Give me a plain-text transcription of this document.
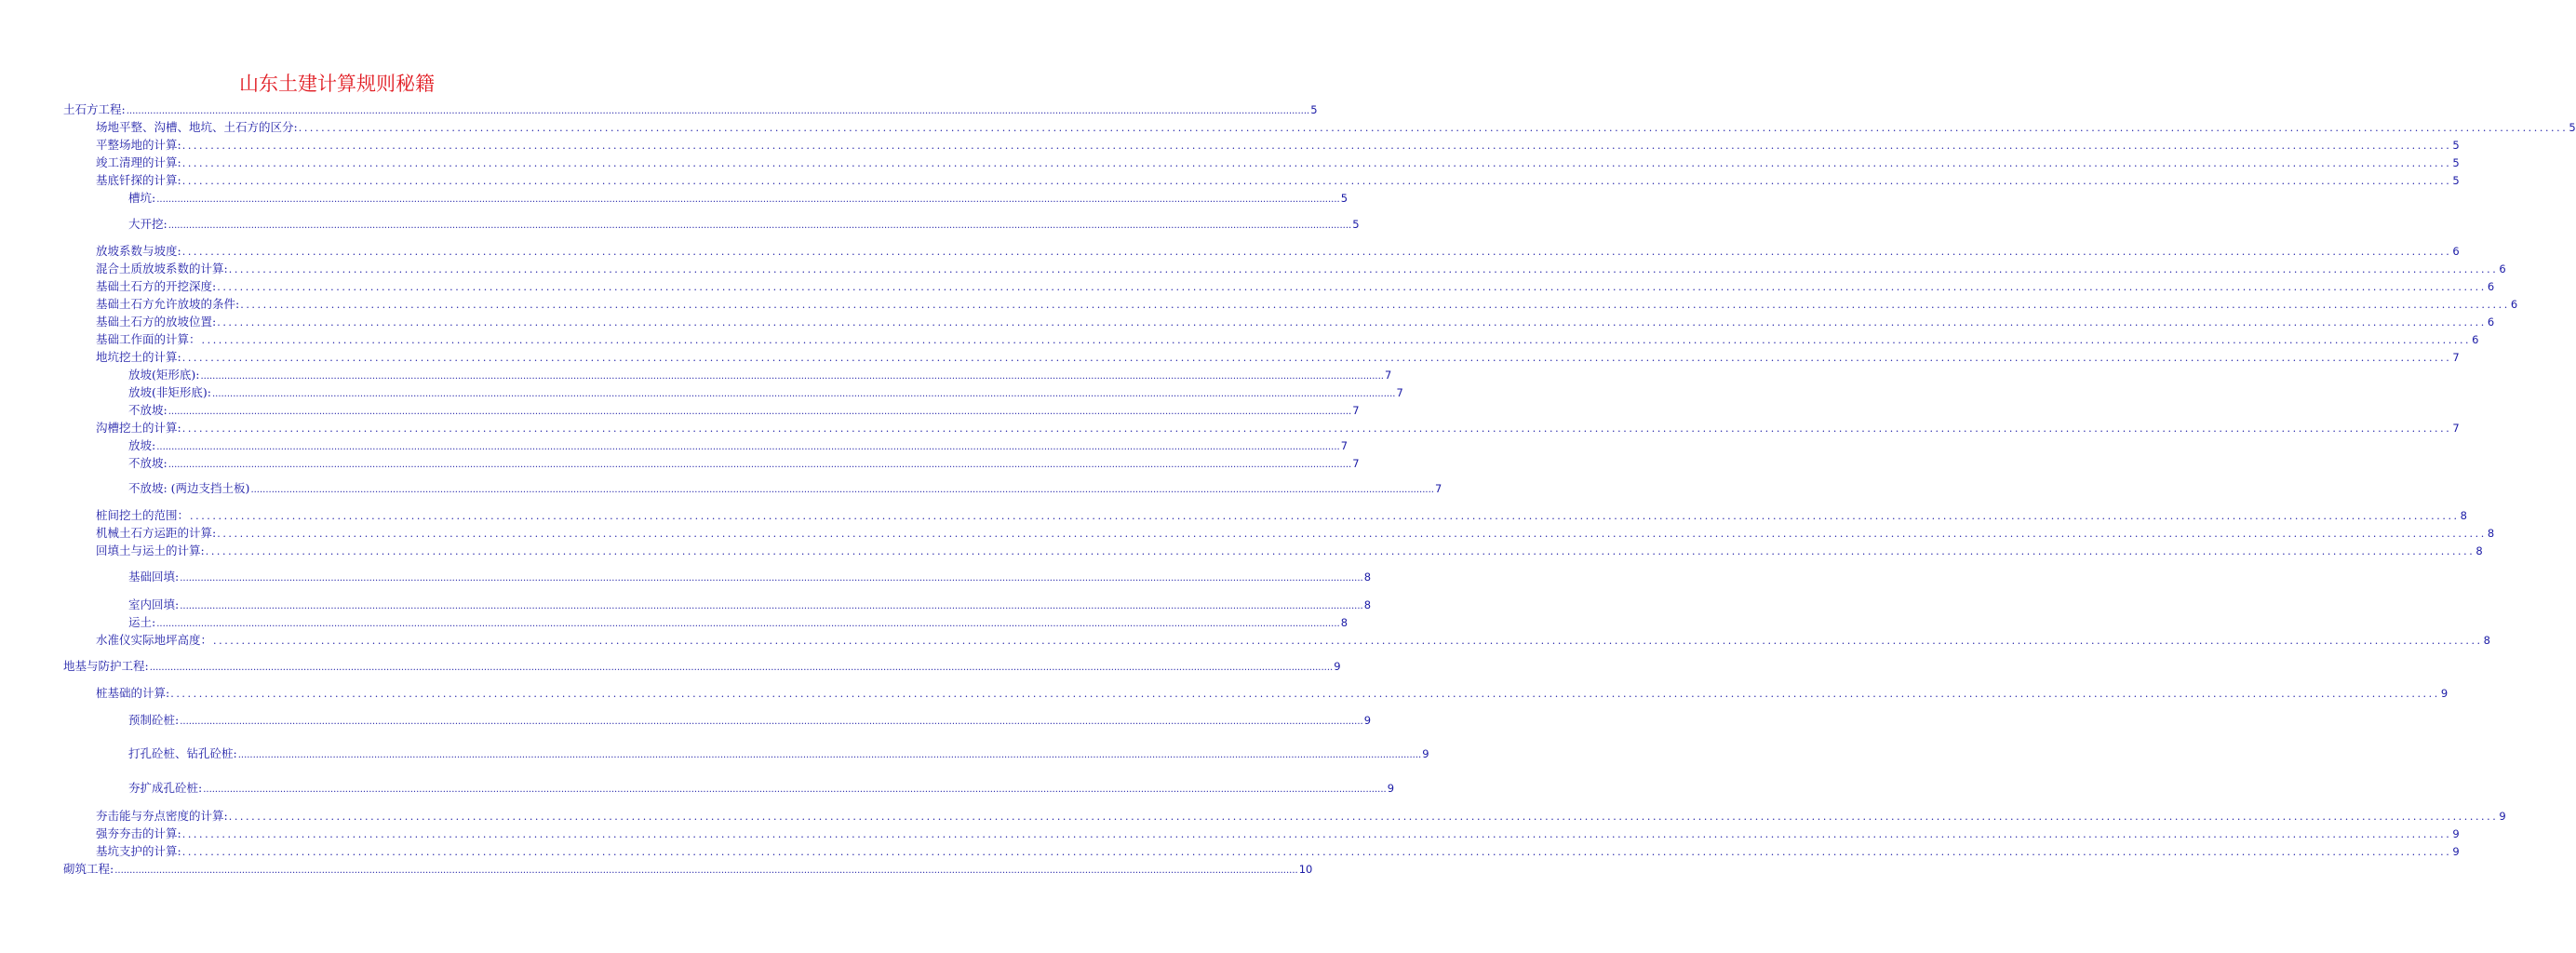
山东土建计算规则秘籍
土石方工程: ................................................................................................................................................................................................................................................................................................................................................................................................................ 5
场地平整、沟槽、地坑、土石方的区分: ................................................................................................................................................................................................................................................................................................................................................................................................................ 5
平整场地的计算: ................................................................................................................................................................................................................................................................................................................................................................................................................ 5
竣工清理的计算: ................................................................................................................................................................................................................................................................................................................................................................................................................ 5
基底钎探的计算: ................................................................................................................................................................................................................................................................................................................................................................................................................ 5
槽坑: ................................................................................................................................................................................................................................................................................................................................................................................................................ 5
大开挖: ................................................................................................................................................................................................................................................................................................................................................................................................................ 5
放坡系数与坡度: ................................................................................................................................................................................................................................................................................................................................................................................................................ 6
混合土质放坡系数的计算: ................................................................................................................................................................................................................................................................................................................................................................................................................ 6
基础土石方的开挖深度: ................................................................................................................................................................................................................................................................................................................................................................................................................ 6
基础土石方允许放坡的条件: ................................................................................................................................................................................................................................................................................................................................................................................................................ 6
基础土石方的放坡位置: ................................................................................................................................................................................................................................................................................................................................................................................................................ 6
基础工作面的计算： ................................................................................................................................................................................................................................................................................................................................................................................................................ 6
地坑挖土的计算: ................................................................................................................................................................................................................................................................................................................................................................................................................ 7
放坡(矩形底): ................................................................................................................................................................................................................................................................................................................................................................................................................ 7
放坡(非矩形底): ................................................................................................................................................................................................................................................................................................................................................................................................................ 7
不放坡: ................................................................................................................................................................................................................................................................................................................................................................................................................ 7
沟槽挖土的计算: ................................................................................................................................................................................................................................................................................................................................................................................................................ 7
放坡: ................................................................................................................................................................................................................................................................................................................................................................................................................ 7
不放坡: ................................................................................................................................................................................................................................................................................................................................................................................................................ 7
不放坡: (两边支挡土板) ................................................................................................................................................................................................................................................................................................................................................................................................................ 7
桩间挖土的范围： ................................................................................................................................................................................................................................................................................................................................................................................................................ 8
机械土石方运距的计算: ................................................................................................................................................................................................................................................................................................................................................................................................................ 8
回填土与运土的计算: ................................................................................................................................................................................................................................................................................................................................................................................................................ 8
基础回填: ................................................................................................................................................................................................................................................................................................................................................................................................................ 8
室内回填: ................................................................................................................................................................................................................................................................................................................................................................................................................ 8
运土: ................................................................................................................................................................................................................................................................................................................................................................................................................ 8
水准仪实际地坪高度： ................................................................................................................................................................................................................................................................................................................................................................................................................ 8
地基与防护工程: ................................................................................................................................................................................................................................................................................................................................................................................................................ 9
桩基础的计算: ................................................................................................................................................................................................................................................................................................................................................................................................................ 9
预制砼桩: ................................................................................................................................................................................................................................................................................................................................................................................................................ 9
打孔砼桩、钻孔砼桩: ................................................................................................................................................................................................................................................................................................................................................................................................................ 9
夯扩成孔砼桩: ................................................................................................................................................................................................................................................................................................................................................................................................................ 9
夯击能与夯点密度的计算: ................................................................................................................................................................................................................................................................................................................................................................................................................ 9
强夯夯击的计算: ................................................................................................................................................................................................................................................................................................................................................................................................................ 9
基坑支护的计算: ................................................................................................................................................................................................................................................................................................................................................................................................................ 9
砌筑工程: ................................................................................................................................................................................................................................................................................................................................................................................................................ 10
